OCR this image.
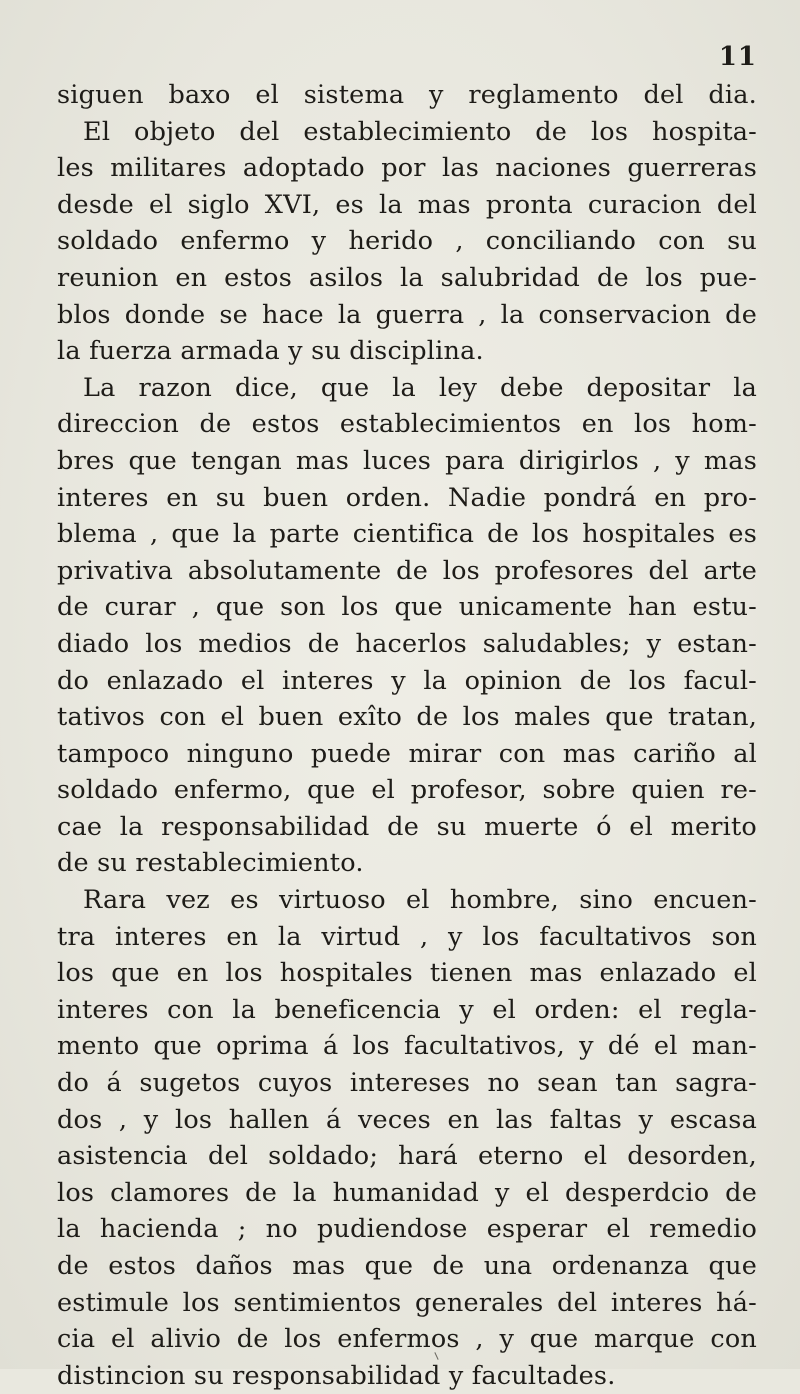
11
siguen baxo el sistema y reglamento del dia.
El objeto del establecimiento de los hospita-
les militares adoptado por las naciones guerreras
desde el siglo XVI, es la mas pronta curacion del
soldado enfermo y herido , conciliando con su
reunion en estos asilos la salubridad de los pue-
blos donde se hace la guerra , la conservacion de
la fuerza armada y su disciplina.
La razon dice, que la ley debe depositar la
direccion de estos establecimientos en los hom-
bres que tengan mas luces para dirigirlos , y mas
interes en su buen orden. Nadie pondrá en pro-
blema , que la parte cientifica de los hospitales es
privativa absolutamente de los profesores del arte
de curar , que son los que unicamente han estu-
diado los medios de hacerlos saludables; y estan-
do enlazado el interes y la opinion de los facul-
tativos con el buen exîto de los males que tratan,
tampoco ninguno puede mirar con mas cariño al
soldado enfermo, que el profesor, sobre quien re-
cae la responsabilidad de su muerte ó el merito
de su restablecimiento.
Rara vez es virtuoso el hombre, sino encuen-
tra interes en la virtud , y los facultativos son
los que en los hospitales tienen mas enlazado el
interes con la beneficencia y el orden: el regla-
mento que oprima á los facultativos, y dé el man-
do á sugetos cuyos intereses no sean tan sagra-
dos , y los hallen á veces en las faltas y escasa
asistencia del soldado; hará eterno el desorden,
los clamores de la humanidad y el desperdcio de
la hacienda ; no pudiendose esperar el remedio
de estos daños mas que de una ordenanza que
estimule los sentimientos generales del interes há-
cia el alivio de los enfermos , y que marque con
distincion su responsabilidad y facultades.
